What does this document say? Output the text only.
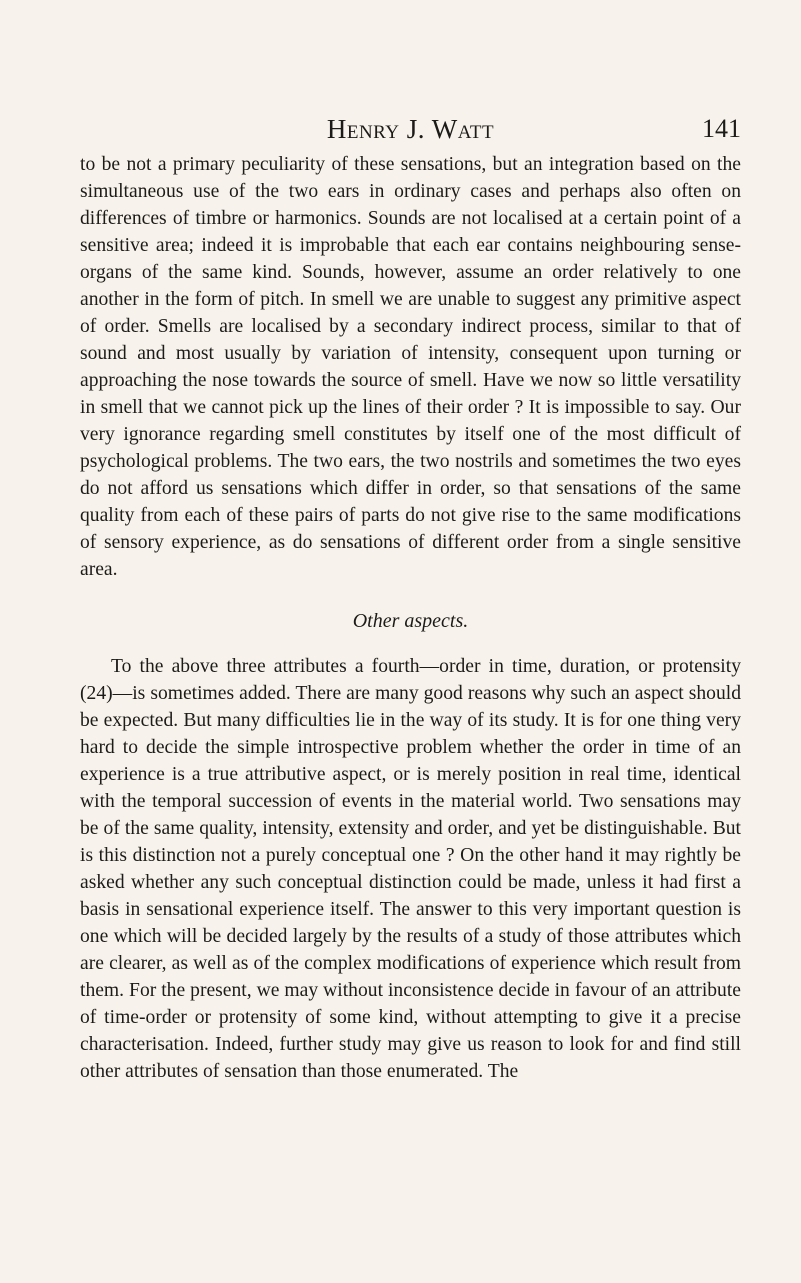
Henry J. Watt	141

to be not a primary peculiarity of these sensations, but an integration based on the simultaneous use of the two ears in ordinary cases and perhaps also often on differences of timbre or harmonics. Sounds are not localised at a certain point of a sensitive area; indeed it is improbable that each ear contains neighbouring sense-organs of the same kind. Sounds, however, assume an order relatively to one another in the form of pitch. In smell we are unable to suggest any primitive aspect of order. Smells are localised by a secondary indirect process, similar to that of sound and most usually by variation of intensity, consequent upon turning or approaching the nose towards the source of smell. Have we now so little versatility in smell that we cannot pick up the lines of their order ? It is impossible to say. Our very ignorance regarding smell constitutes by itself one of the most difficult of psychological problems. The two ears, the two nostrils and sometimes the two eyes do not afford us sensations which differ in order, so that sensations of the same quality from each of these pairs of parts do not give rise to the same modifications of sensory experience, as do sensations of different order from a single sensitive area.

Other aspects.

To the above three attributes a fourth—order in time, duration, or protensity (24)—is sometimes added. There are many good reasons why such an aspect should be expected. But many difficulties lie in the way of its study. It is for one thing very hard to decide the simple introspective problem whether the order in time of an experience is a true attributive aspect, or is merely position in real time, identical with the temporal succession of events in the material world. Two sensations may be of the same quality, intensity, extensity and order, and yet be distinguishable. But is this distinction not a purely conceptual one ? On the other hand it may rightly be asked whether any such conceptual distinction could be made, unless it had first a basis in sensational experience itself. The answer to this very important question is one which will be decided largely by the results of a study of those attributes which are clearer, as well as of the complex modifications of experience which result from them. For the present, we may without inconsistence decide in favour of an attribute of time-order or protensity of some kind, without attempting to give it a precise characterisation. Indeed, further study may give us reason to look for and find still other attributes of sensation than those enumerated. The
